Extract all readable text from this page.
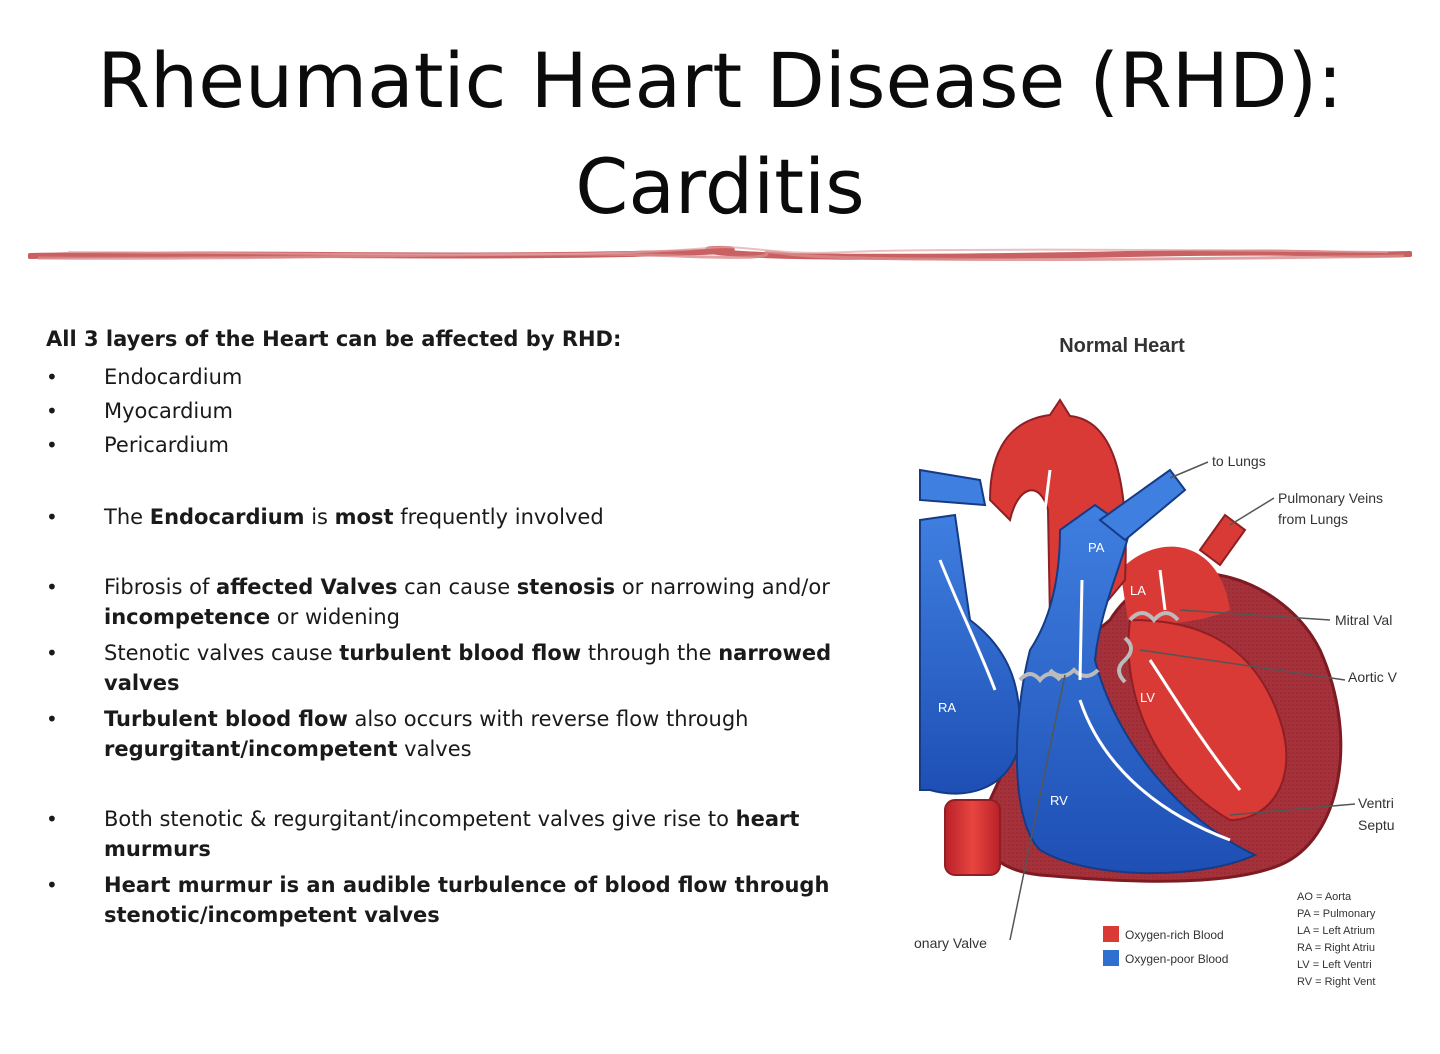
Rheumatic Heart Disease (RHD):
Carditis

All 3 layers of the Heart can be affected by RHD:

• Endocardium
• Myocardium
• Pericardium
• The Endocardium is most frequently involved
• Fibrosis of affected Valves can cause stenosis or narrowing and/or incompetence or widening
• Stenotic valves cause turbulent blood flow through the narrowed valves
• Turbulent blood flow also occurs with reverse flow through regurgitant/incompetent valves
• Both stenotic & regurgitant/incompetent valves give rise to heart murmurs
• Heart murmur is an audible turbulence of blood flow through stenotic/incompetent valves
Normal Heart
AO
PA
LA
RA
LV
RV
to Lungs
Pulmonary Veins
from Lungs
Mitral Val
Aortic V
Ventri
Septu
onary Valve	Oxygen-rich Blood
Oxygen-poor Blood
AO = Aorta
PA = Pulmonary
LA = Left Atrium
RA = Right Atriu
LV = Left Ventri
RV = Right Vent
